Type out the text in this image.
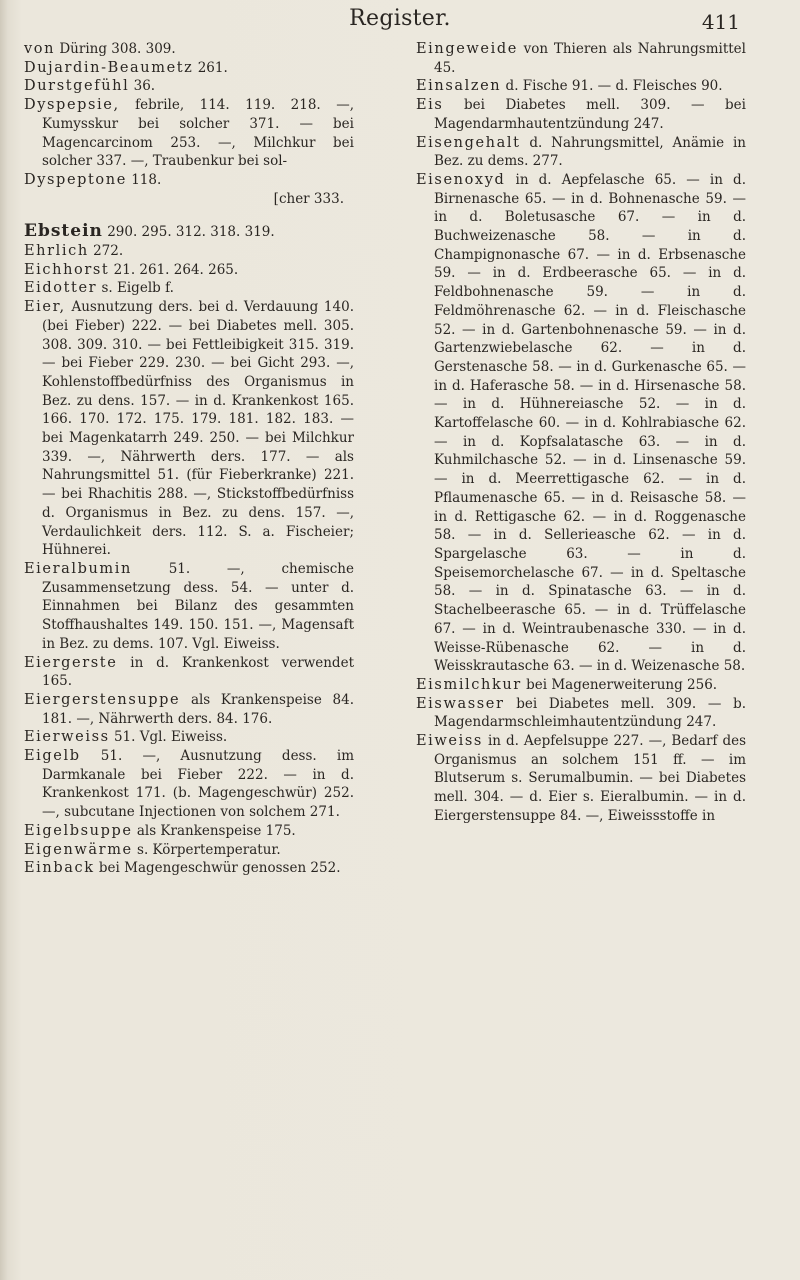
Register.	411

von Düring 308. 309.

Dujardin-Beaumetz 261.

Durstgefühl 36.

Dyspepsie, febrile, 114. 119. 218. —, Kumysskur bei solcher 371. — bei Magencarcinom 253. —, Milchkur bei solcher 337. —, Traubenkur bei sol-

Dyspeptone 118.
[cher 333.

Ebstein 290. 295. 312. 318. 319.

Ehrlich 272.

Eichhorst 21. 261. 264. 265.

Eidotter s. Eigelb f.

Eier, Ausnutzung ders. bei d. Verdauung 140. (bei Fieber) 222. — bei Diabetes mell. 305. 308. 309. 310. — bei Fettleibigkeit 315. 319. — bei Fieber 229. 230. — bei Gicht 293. —, Kohlenstoffbedürfniss des Organismus in Bez. zu dens. 157. — in d. Krankenkost 165. 166. 170. 172. 175. 179. 181. 182. 183. — bei Magenkatarrh 249. 250. — bei Milchkur 339. —, Nährwerth ders. 177. — als Nahrungsmittel 51. (für Fieberkranke) 221. — bei Rhachitis 288. —, Stickstoffbedürfniss d. Organismus in Bez. zu dens. 157. —, Verdaulichkeit ders. 112. S. a. Fischeier; Hühnerei.

Eieralbumin	51. —, chemische Zusammensetzung dess. 54. — unter d. Einnahmen bei Bilanz des gesammten Stoffhaushaltes 149. 150. 151. —, Magensaft in Bez. zu dems. 107. Vgl. Eiweiss.

Eiergerste in d. Krankenkost verwendet 165.

Eiergerstensuppe als Krankenspeise 84. 181. —, Nährwerth ders. 84. 176.

Eierweiss 51. Vgl. Eiweiss.

Eigelb 51. —, Ausnutzung dess. im Darmkanale bei Fieber 222. — in d. Krankenkost 171. (b. Magengeschwür) 252. —, subcutane Injectionen von solchem 271.

Eigelbsuppe als Krankenspeise 175.

Eigenwärme s. Körpertemperatur.

Einback bei Magengeschwür genossen 252.

Eingeweide von Thieren als Nahrungsmittel 45.

Einsalzen d. Fische 91. — d. Fleisches 90.

Eis bei Diabetes mell. 309. — bei Magendarmhautentzündung 247.

Eisengehalt d. Nahrungsmittel, Anämie in Bez. zu dems. 277.

Eisenoxyd in d. Aepfelasche 65. — in d. Birnenasche 65. — in d. Bohnenasche 59. — in d. Boletusasche 67. — in d. Buchweizenasche 58. — in d. Champignonasche 67. — in d. Erbsenasche 59. — in d. Erdbeerasche 65. — in d. Feldbohnenasche 59. — in d. Feldmöhrenasche 62. — in d. Fleischasche 52. — in d. Gartenbohnenasche 59. — in d. Gartenzwiebelasche 62. — in d. Gerstenasche 58. — in d. Gurkenasche 65. — in d. Haferasche 58. — in d. Hirsenasche 58. — in d. Hühnereiasche 52. — in d. Kartoffelasche 60. — in d. Kohlrabiasche 62. — in d. Kopfsalatasche 63. — in d. Kuhmilchasche 52. — in d. Linsenasche 59. — in d. Meerrettigasche 62. — in d. Pflaumenasche 65. — in d. Reisasche 58. — in d. Rettigasche 62. — in d. Roggenasche 58. — in d. Sellerieasche 62. — in d. Spargelasche 63. — in d. Speisemorchelasche 67. — in d. Speltasche 58. — in d. Spinatasche 63. — in d. Stachelbeerasche 65. — in d. Trüffelasche 67. — in d. Weintraubenasche 330. — in d. Weisse-Rübenasche 62. — in d. Weisskrautasche 63. — in d. Weizenasche 58.

Eismilchkur bei Magenerweiterung 256.

Eiswasser bei Diabetes mell. 309. — b. Magendarmschleimhautentzündung 247.

Eiweiss in d. Aepfelsuppe 227. —, Bedarf des Organismus an solchem 151 ff. — im Blutserum s. Serumalbumin. — bei Diabetes mell. 304. — d. Eier s. Eieralbumin. — in d. Eiergerstensuppe 84. —, Eiweissstoffe in
